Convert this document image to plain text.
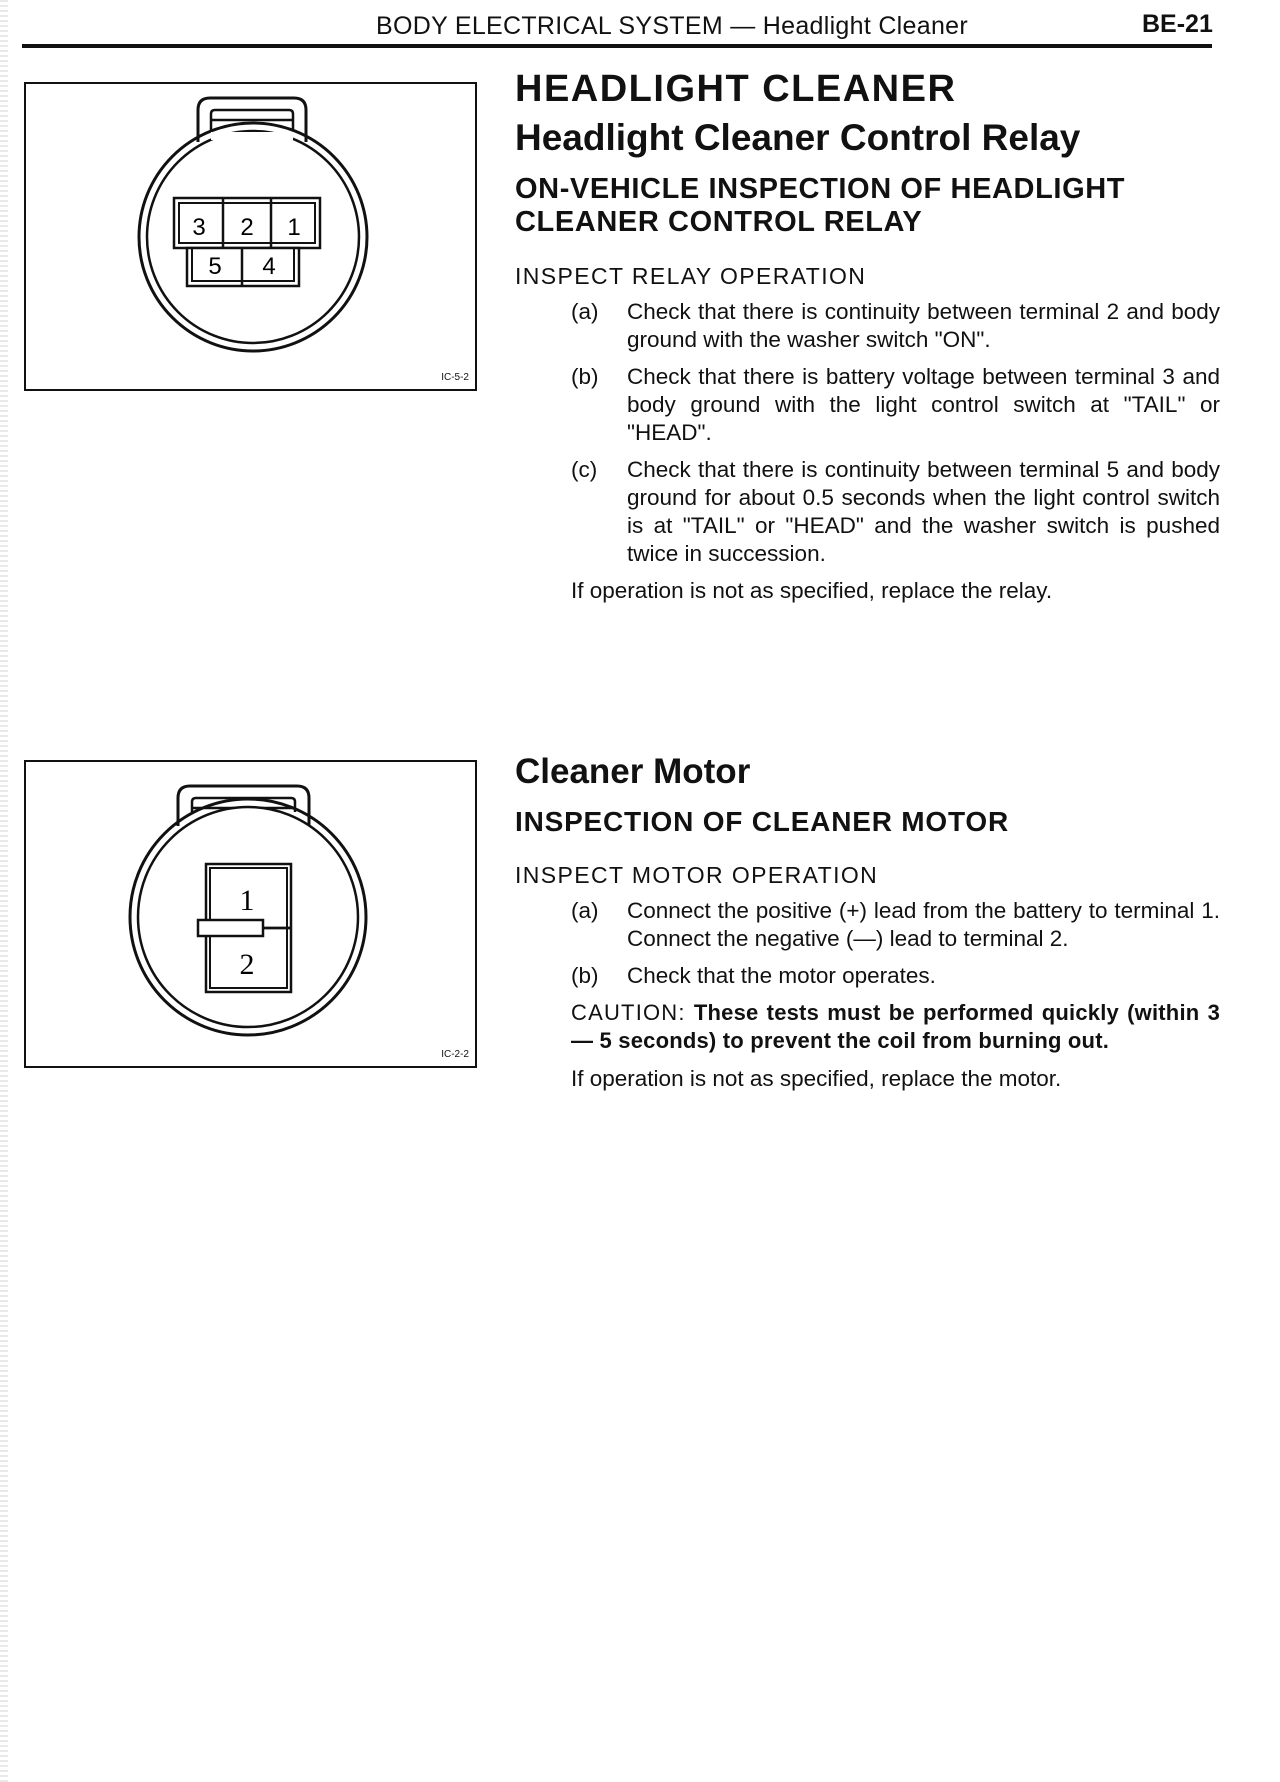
BODY ELECTRICAL SYSTEM — Headlight Cleaner	BE-21
3 2 1
5 4
IC-5-2
HEADLIGHT CLEANER
Headlight Cleaner Control Relay
ON-VEHICLE INSPECTION OF HEADLIGHT CLEANER CONTROL RELAY
INSPECT RELAY OPERATION
(a) Check that there is continuity between terminal 2 and body ground with the washer switch "ON".
(b) Check that there is battery voltage between terminal 3 and body ground with the light control switch at "TAIL" or "HEAD".
(c) Check that there is continuity between terminal 5 and body ground for about 0.5 seconds when the light control switch is at "TAIL" or "HEAD" and the washer switch is pushed twice in succession.
If operation is not as specified, replace the relay.
1
2
IC-2-2
Cleaner Motor
INSPECTION OF CLEANER MOTOR
INSPECT MOTOR OPERATION
(a) Connect the positive (+) lead from the battery to terminal 1. Connect the negative (—) lead to terminal 2.
(b) Check that the motor operates.
CAUTION: These tests must be performed quickly (within 3 — 5 seconds) to prevent the coil from burning out.
If operation is not as specified, replace the motor.
